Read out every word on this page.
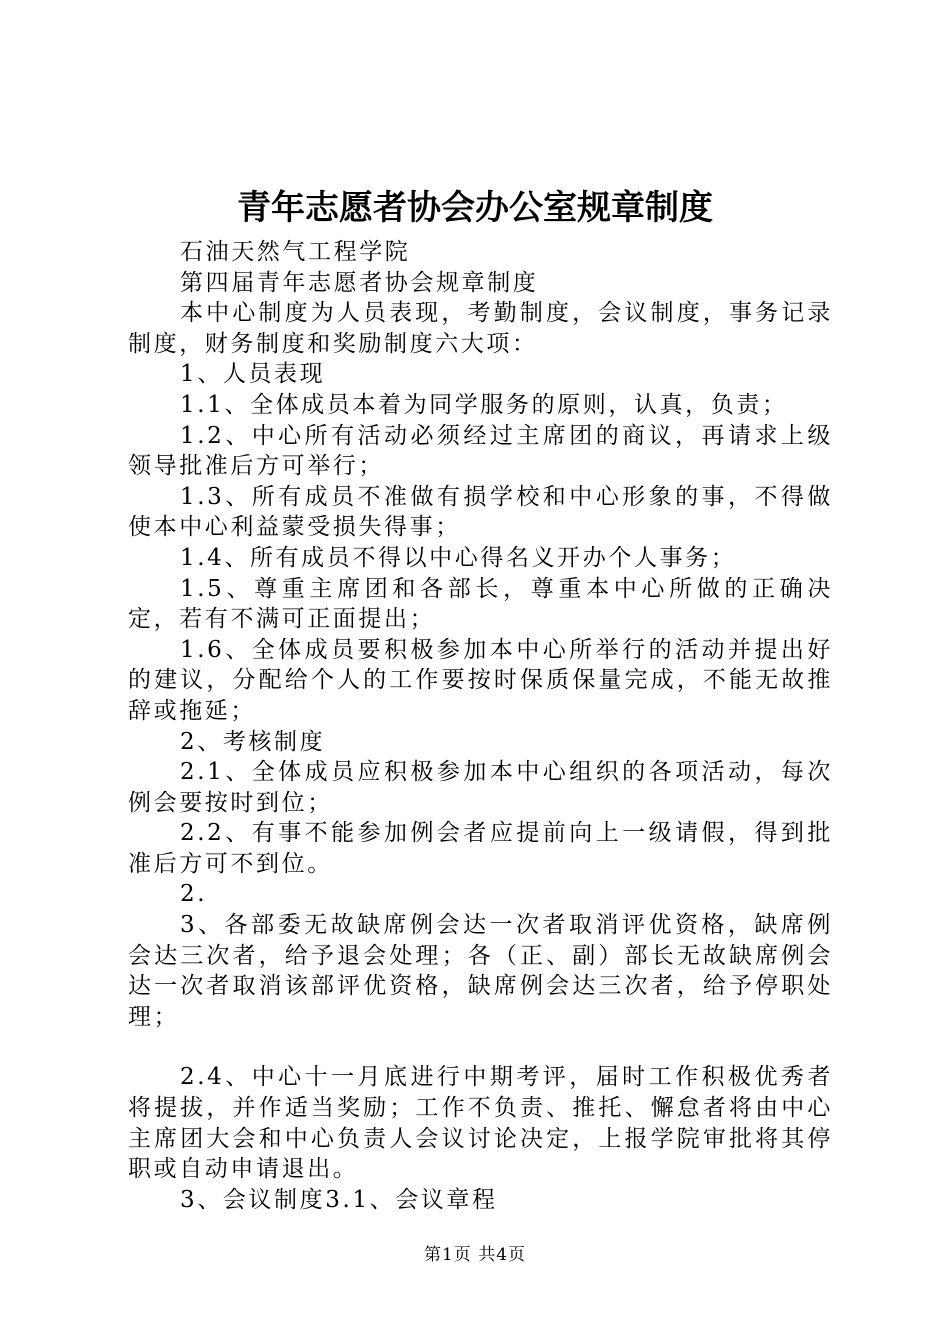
青年志愿者协会办公室规章制度

石油天然气工程学院

第四届青年志愿者协会规章制度

本中心制度为人员表现，考勤制度，会议制度，事务记录制度，财务制度和奖励制度六大项：

1、人员表现

1.1、全体成员本着为同学服务的原则，认真，负责；

1.2、中心所有活动必须经过主席团的商议，再请求上级领导批准后方可举行；

1.3、所有成员不准做有损学校和中心形象的事，不得做使本中心利益蒙受损失得事；

1.4、所有成员不得以中心得名义开办个人事务；

1.5、尊重主席团和各部长，尊重本中心所做的正确决定，若有不满可正面提出；

1.6、全体成员要积极参加本中心所举行的活动并提出好的建议，分配给个人的工作要按时保质保量完成，不能无故推辞或拖延；

2、考核制度

2.1、全体成员应积极参加本中心组织的各项活动，每次例会要按时到位；

2.2、有事不能参加例会者应提前向上一级请假，得到批准后方可不到位。

2.

3、各部委无故缺席例会达一次者取消评优资格，缺席例会达三次者，给予退会处理；各（正、副）部长无故缺席例会达一次者取消该部评优资格，缺席例会达三次者，给予停职处理；

2.4、中心十一月底进行中期考评，届时工作积极优秀者将提拔，并作适当奖励；工作不负责、推托、懈怠者将由中心主席团大会和中心负责人会议讨论决定，上报学院审批将其停职或自动申请退出。

3、会议制度3.1、会议章程

第1页 共4页
